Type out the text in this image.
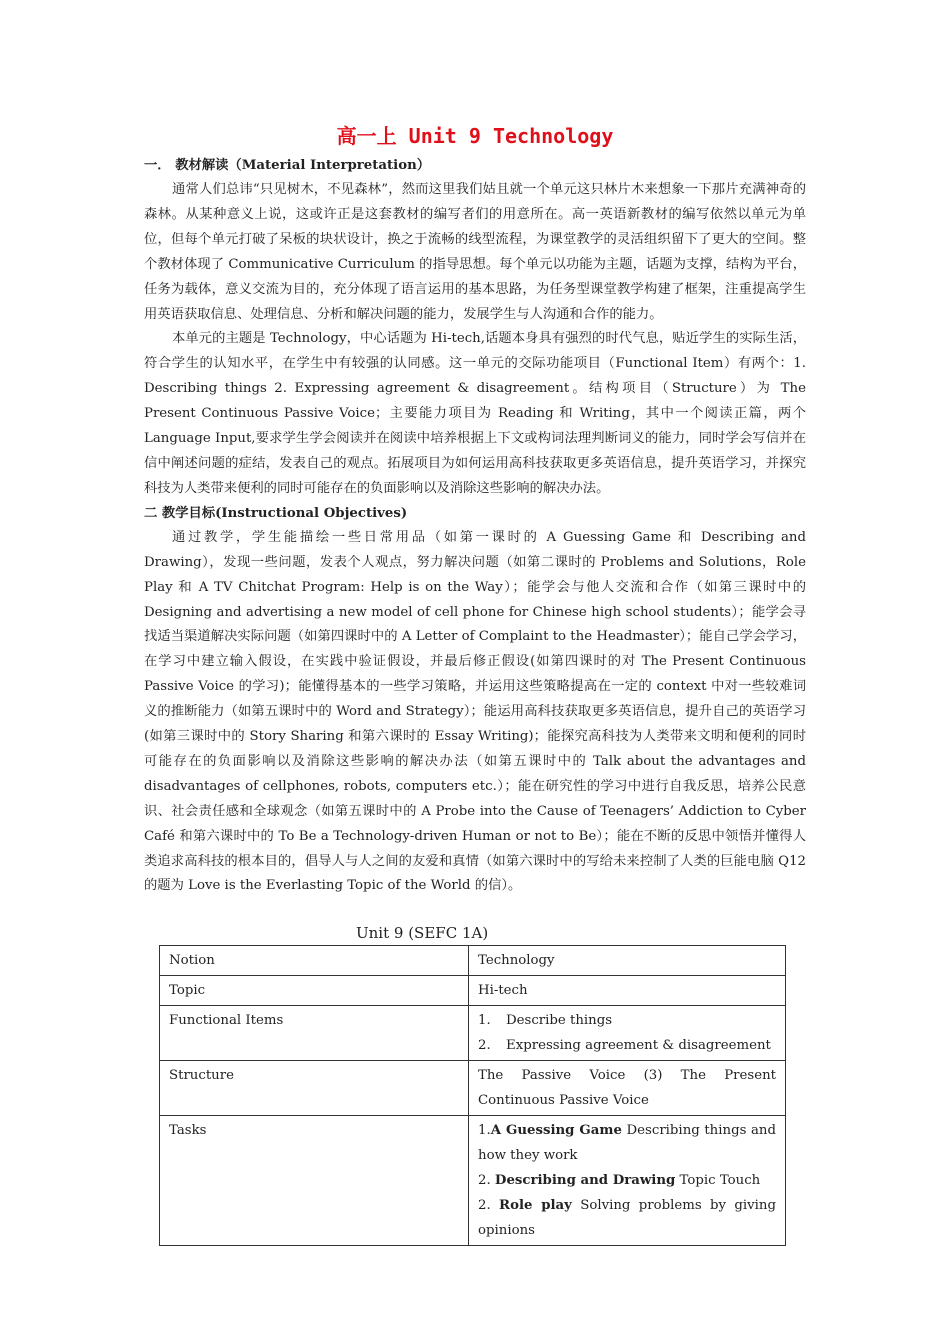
高一上 Unit 9 Technology

一． 教材解读（Material Interpretation）

通常人们总讳“只见树木，不见森林”，然而这里我们姑且就一个单元这只林片木来想象一下那片充满神奇的森林。从某种意义上说，这或许正是这套教材的编写者们的用意所在。高一英语新教材的编写依然以单元为单位，但每个单元打破了呆板的块状设计，换之于流畅的线型流程，为课堂教学的灵活组织留下了更大的空间。整个教材体现了 Communicative Curriculum 的指导思想。每个单元以功能为主题，话题为支撑，结构为平台，任务为载体，意义交流为目的，充分体现了语言运用的基本思路，为任务型课堂教学构建了框架，注重提高学生用英语获取信息、处理信息、分析和解决问题的能力，发展学生与人沟通和合作的能力。

本单元的主题是 Technology，中心话题为 Hi-tech,话题本身具有强烈的时代气息，贴近学生的实际生活，符合学生的认知水平，在学生中有较强的认同感。这一单元的交际功能项目（Functional Item）有两个：1. Describing things 2. Expressing agreement & disagreement。结构项目（Structure）为 The Present Continuous Passive Voice；主要能力项目为 Reading 和 Writing，其中一个阅读正篇，两个 Language Input,要求学生学会阅读并在阅读中培养根据上下文或构词法理判断词义的能力，同时学会写信并在信中阐述问题的症结，发表自己的观点。拓展项目为如何运用高科技获取更多英语信息，提升英语学习，并探究科技为人类带来便利的同时可能存在的负面影响以及消除这些影响的解决办法。

二 教学目标(Instructional Objectives)

通过教学，学生能描绘一些日常用品（如第一课时的 A Guessing Game 和 Describing and Drawing），发现一些问题，发表个人观点，努力解决问题（如第二课时的 Problems and Solutions，Role Play 和 A TV Chitchat Program: Help is on the Way）；能学会与他人交流和合作（如第三课时中的 Designing and advertising a new model of cell phone for Chinese high school students）；能学会寻找适当渠道解决实际问题（如第四课时中的 A Letter of Complaint to the Headmaster）；能自己学会学习，在学习中建立输入假设，在实践中验证假设，并最后修正假设(如第四课时的对 The Present Continuous Passive Voice 的学习)；能懂得基本的一些学习策略，并运用这些策略提高在一定的 context 中对一些较难词义的推断能力（如第五课时中的 Word and Strategy）；能运用高科技获取更多英语信息，提升自己的英语学习 (如第三课时中的 Story Sharing 和第六课时的 Essay Writing)；能探究高科技为人类带来文明和便利的同时可能存在的负面影响以及消除这些影响的解决办法（如第五课时中的 Talk about the advantages and disadvantages of cellphones, robots, computers etc.）；能在研究性的学习中进行自我反思，培养公民意识、社会责任感和全球观念（如第五课时中的 A Probe into the Cause of Teenagers’ Addiction to Cyber Café 和第六课时中的 To Be a Technology-driven Human or not to Be）；能在不断的反思中领悟并懂得人类追求高科技的根本目的，倡导人与人之间的友爱和真情（如第六课时中的写给未来控制了人类的巨能电脑 Q12 的题为 Love is the Everlasting Topic of the World 的信）。

Unit 9 (SEFC 1A)
Notion	Technology
Topic	Hi-tech
Functional Items	1. Describe things
2. Expressing agreement & disagreement

Structure	The Passive Voice (3) The Present Continuous Passive Voice
Tasks	1.A Guessing Game Describing things and how they work
2. Describing and Drawing Topic Touch
2. Role play Solving problems by giving opinions
